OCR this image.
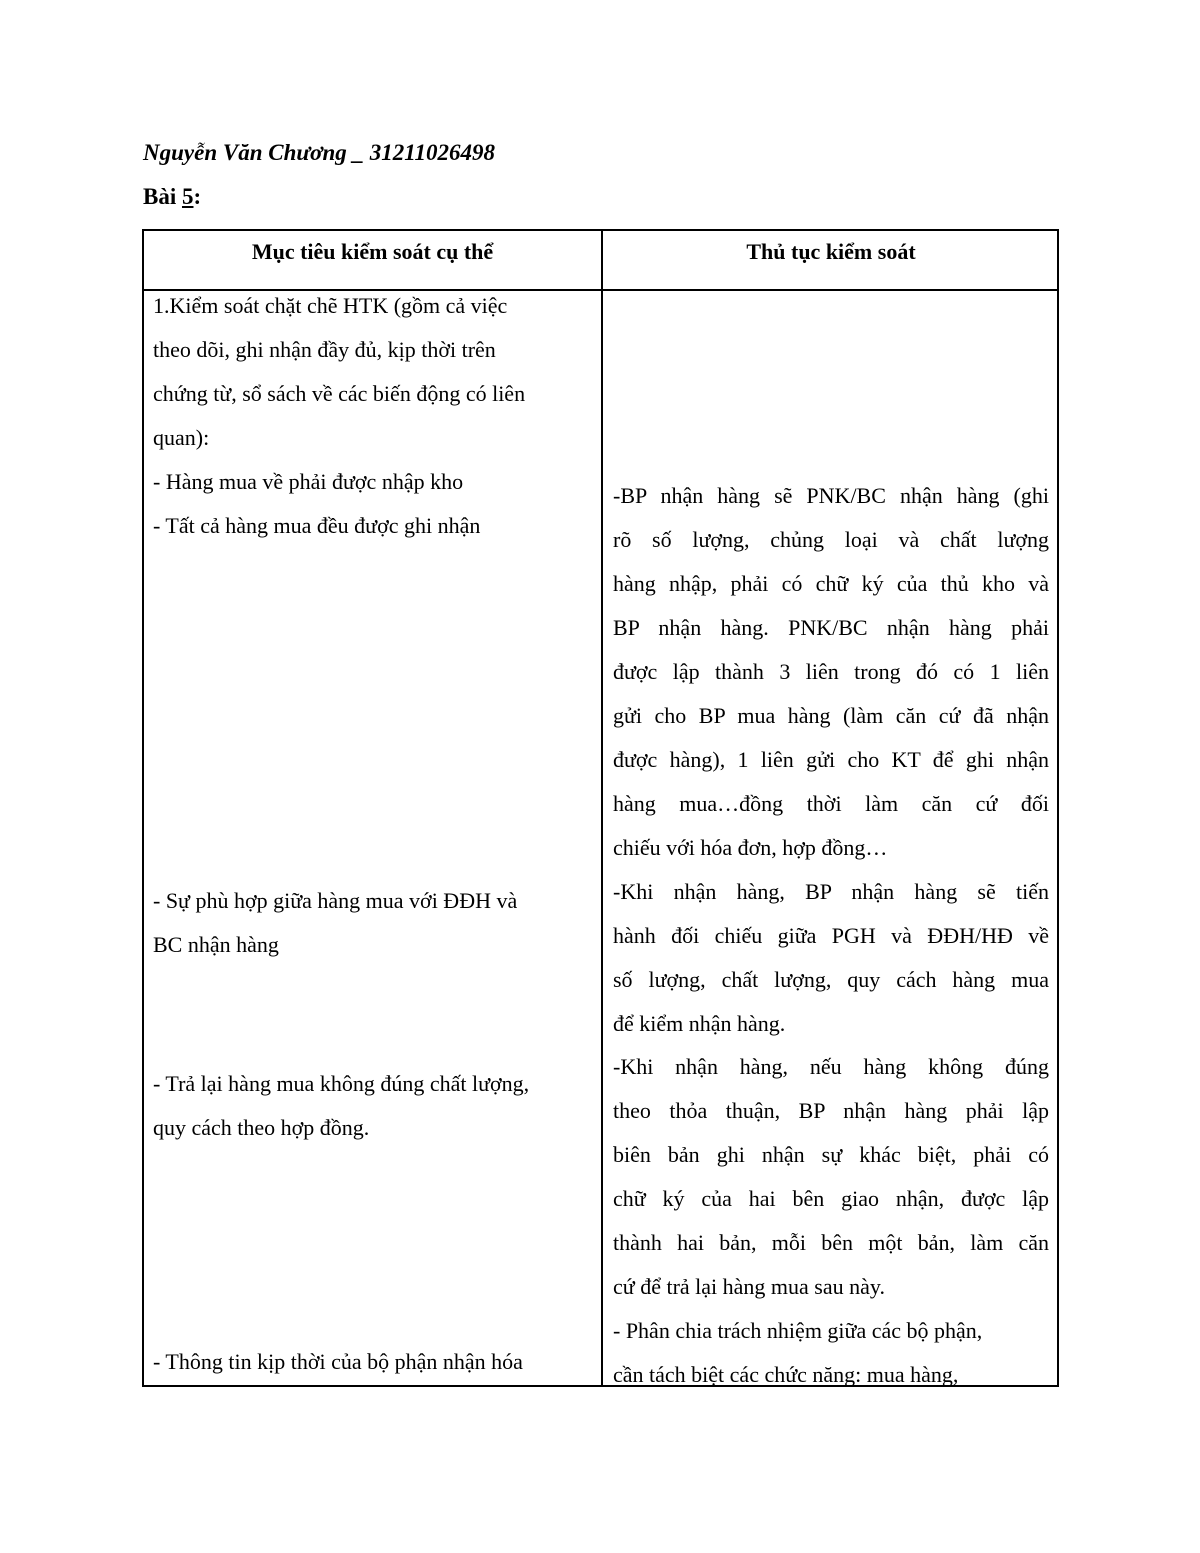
Nguyễn Văn Chương _ 31211026498
Bài 5:
Mục tiêu kiểm soát cụ thể	Thủ tục kiểm soát
1.Kiểm soát chặt chẽ HTK (gồm cả việc
theo dõi, ghi nhận đầy đủ, kịp thời trên
chứng từ, sổ sách về các biến động có liên
quan):
- Hàng mua về phải được nhập kho
- Tất cả hàng mua đều được ghi nhận
- Sự phù hợp giữa hàng mua với ĐĐH và
BC nhận hàng
- Trả lại hàng mua không đúng chất lượng,
quy cách theo hợp đồng.
- Thông tin kịp thời của bộ phận nhận hóa
-BP nhận hàng sẽ PNK/BC nhận hàng (ghi
rõ số lượng, chủng loại và chất lượng
hàng nhập, phải có chữ ký của thủ kho và
BP nhận hàng. PNK/BC nhận hàng phải
được lập thành 3 liên trong đó có 1 liên
gửi cho BP mua hàng (làm căn cứ đã nhận
được hàng), 1 liên gửi cho KT để ghi nhận
hàng mua…đồng thời làm căn cứ đối
chiếu với hóa đơn, hợp đồng…
-Khi nhận hàng, BP nhận hàng sẽ tiến
hành đối chiếu giữa PGH và ĐĐH/HĐ về
số lượng, chất lượng, quy cách hàng mua
để kiểm nhận hàng.
-Khi nhận hàng, nếu hàng không đúng
theo thỏa thuận, BP nhận hàng phải lập
biên bản ghi nhận sự khác biệt, phải có
chữ ký của hai bên giao nhận, được lập
thành hai bản, mỗi bên một bản, làm căn
cứ để trả lại hàng mua sau này.
- Phân chia trách nhiệm giữa các bộ phận,
cần tách biệt các chức năng: mua hàng,
